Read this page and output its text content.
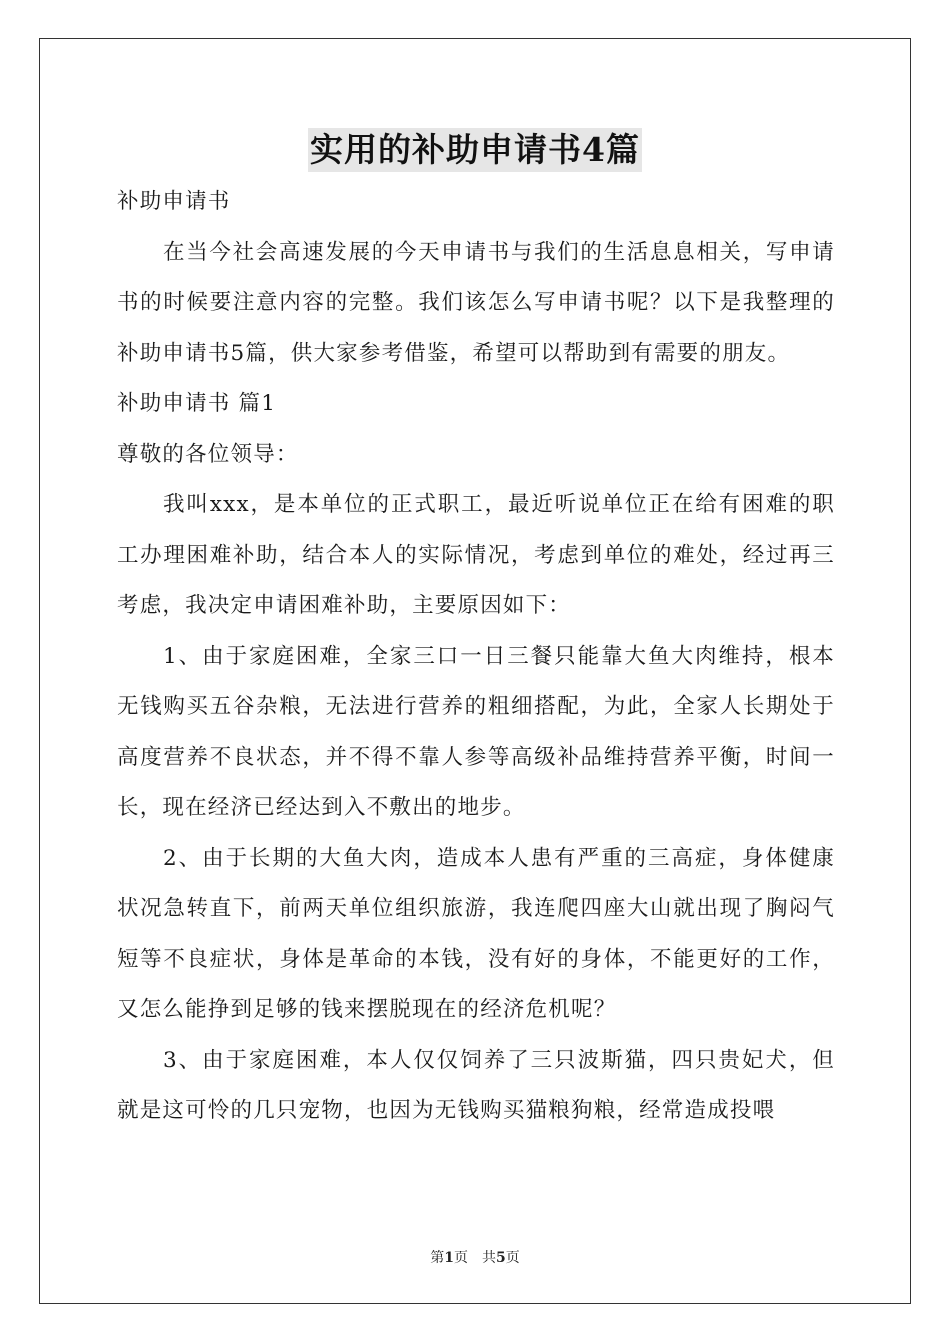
实用的补助申请书4篇

补助申请书

在当今社会高速发展的今天申请书与我们的生活息息相关，写申请书的时候要注意内容的完整。我们该怎么写申请书呢？以下是我整理的补助申请书5篇，供大家参考借鉴，希望可以帮助到有需要的朋友。

补助申请书 篇1

尊敬的各位领导：

我叫xxx，是本单位的正式职工，最近听说单位正在给有困难的职工办理困难补助，结合本人的实际情况，考虑到单位的难处，经过再三考虑，我决定申请困难补助，主要原因如下：

1、由于家庭困难，全家三口一日三餐只能靠大鱼大肉维持，根本无钱购买五谷杂粮，无法进行营养的粗细搭配，为此，全家人长期处于高度营养不良状态，并不得不靠人参等高级补品维持营养平衡，时间一长，现在经济已经达到入不敷出的地步。

2、由于长期的大鱼大肉，造成本人患有严重的三高症，身体健康状况急转直下，前两天单位组织旅游，我连爬四座大山就出现了胸闷气短等不良症状，身体是革命的本钱，没有好的身体，不能更好的工作，又怎么能挣到足够的钱来摆脱现在的经济危机呢？

3、由于家庭困难，本人仅仅饲养了三只波斯猫，四只贵妃犬，但就是这可怜的几只宠物，也因为无钱购买猫粮狗粮，经常造成投喂

第1页　共5页
